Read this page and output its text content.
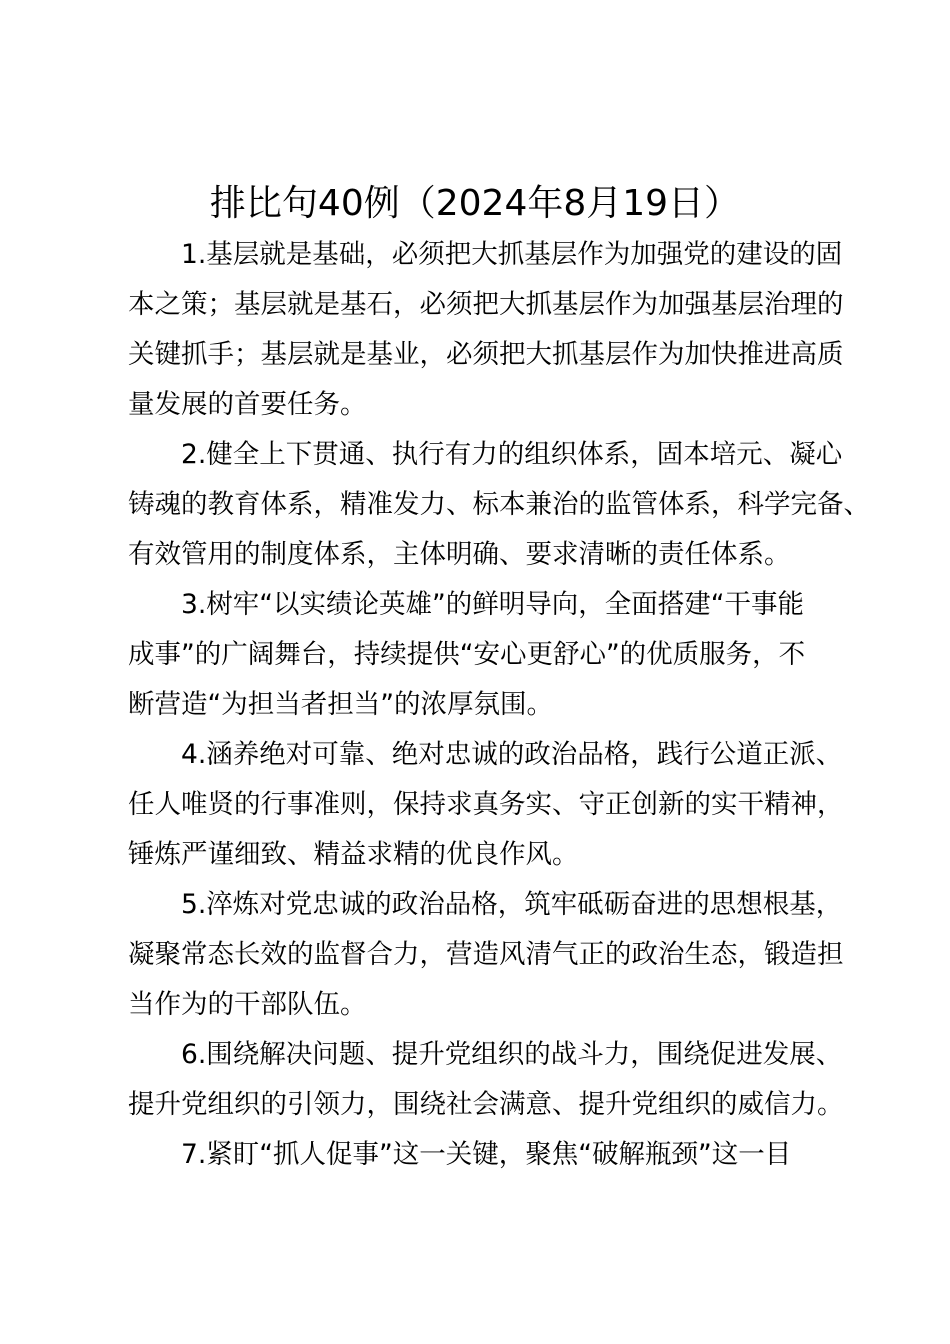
排比句40例（2024年8月19日）

1.基层就是基础，必须把大抓基层作为加强党的建设的固
本之策；基层就是基石，必须把大抓基层作为加强基层治理的
关键抓手；基层就是基业，必须把大抓基层作为加快推进高质
量发展的首要任务。

2.健全上下贯通、执行有力的组织体系，固本培元、凝心
铸魂的教育体系，精准发力、标本兼治的监管体系，科学完备、
有效管用的制度体系，主体明确、要求清晰的责任体系。

3.树牢“以实绩论英雄”的鲜明导向，全面搭建“干事能
成事”的广阔舞台，持续提供“安心更舒心”的优质服务，不
断营造“为担当者担当”的浓厚氛围。

4.涵养绝对可靠、绝对忠诚的政治品格，践行公道正派、
任人唯贤的行事准则，保持求真务实、守正创新的实干精神，
锤炼严谨细致、精益求精的优良作风。

5.淬炼对党忠诚的政治品格，筑牢砥砺奋进的思想根基，
凝聚常态长效的监督合力，营造风清气正的政治生态，锻造担
当作为的干部队伍。

6.围绕解决问题、提升党组织的战斗力，围绕促进发展、
提升党组织的引领力，围绕社会满意、提升党组织的威信力。

7.紧盯“抓人促事”这一关键，聚焦“破解瓶颈”这一目
